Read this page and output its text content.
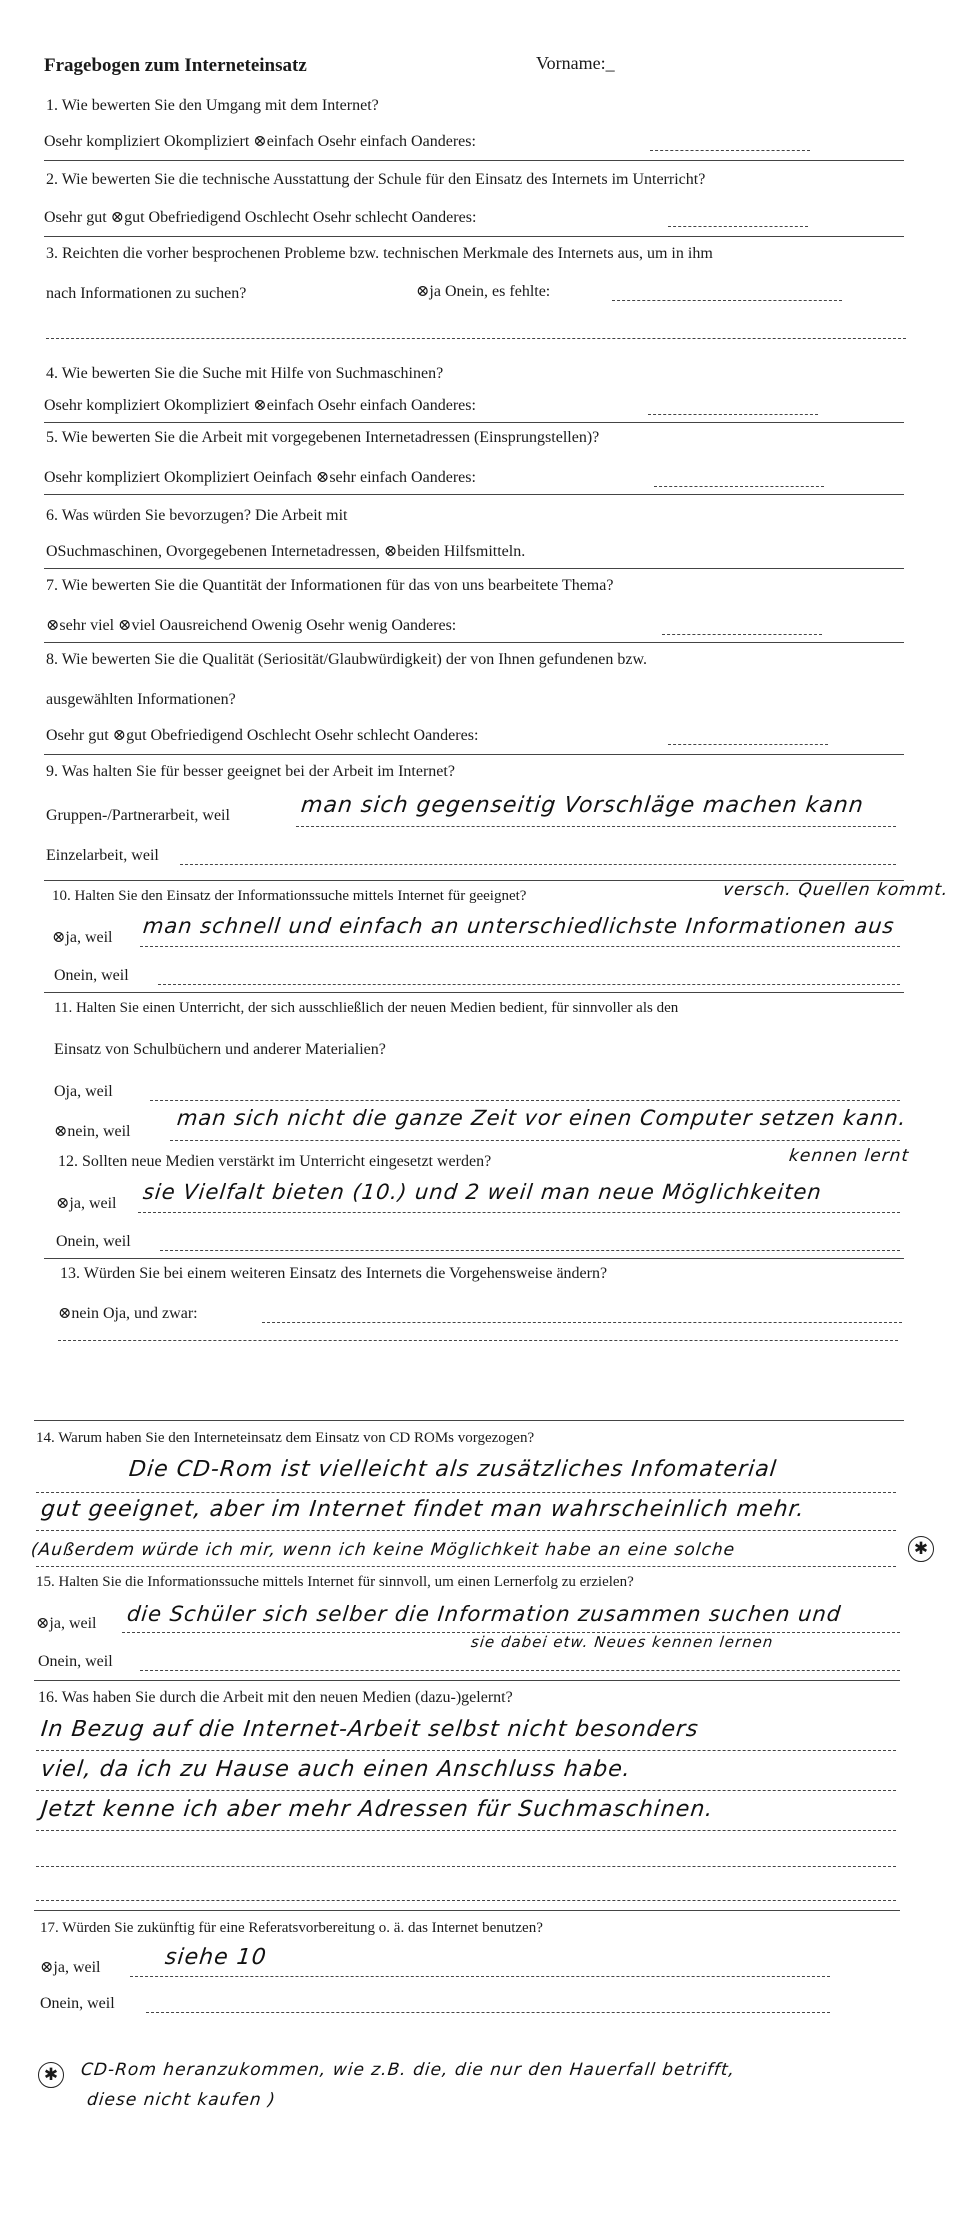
Fragebogen zum Interneteinsatz	Vorname:_
1. Wie bewerten Sie den Umgang mit dem Internet?
Osehr kompliziert Okompliziert ⊗einfach Osehr einfach Oanderes:
2. Wie bewerten Sie die technische Ausstattung der Schule für den Einsatz des Internets im Unterricht?
Osehr gut ⊗gut Obefriedigend Oschlecht Osehr schlecht Oanderes:
3. Reichten die vorher besprochenen Probleme bzw. technischen Merkmale des Internets aus, um in ihm
nach Informationen zu suchen?	⊗ja Onein, es fehlte:
4. Wie bewerten Sie die Suche mit Hilfe von Suchmaschinen?
Osehr kompliziert Okompliziert ⊗einfach Osehr einfach Oanderes:
5. Wie bewerten Sie die Arbeit mit vorgegebenen Internetadressen (Einsprungstellen)?
Osehr kompliziert Okompliziert Oeinfach ⊗sehr einfach Oanderes:
6. Was würden Sie bevorzugen? Die Arbeit mit
OSuchmaschinen, Ovorgegebenen Internetadressen, ⊗beiden Hilfsmitteln.
7. Wie bewerten Sie die Quantität der Informationen für das von uns bearbeitete Thema?
⊗sehr viel ⊗viel Oausreichend Owenig Osehr wenig Oanderes:
8. Wie bewerten Sie die Qualität (Seriosität/Glaubwürdigkeit) der von Ihnen gefundenen bzw.
ausgewählten Informationen?
Osehr gut ⊗gut Obefriedigend Oschlecht Osehr schlecht Oanderes:
9. Was halten Sie für besser geeignet bei der Arbeit im Internet?
Gruppen-/Partnerarbeit, weil	man sich gegenseitig Vorschläge machen kann
Einzelarbeit, weil
10. Halten Sie den Einsatz der Informationssuche mittels Internet für geeignet?	versch. Quellen kommt.
⊗ja, weil man schnell und einfach an unterschiedlichste Informationen aus
Onein, weil
11. Halten Sie einen Unterricht, der sich ausschließlich der neuen Medien bedient, für sinnvoller als den
Einsatz von Schulbüchern und anderer Materialien?
Oja, weil
⊗nein, weil
man sich nicht die ganze Zeit vor einen Computer setzen kann.
12. Sollten neue Medien verstärkt im Unterricht eingesetzt werden?	kennen lernt
⊗ja, weil sie Vielfalt bieten (10.) und 2 weil man neue Möglichkeiten
Onein, weil
13. Würden Sie bei einem weiteren Einsatz des Internets die Vorgehensweise ändern?
⊗nein Oja, und zwar:
14. Warum haben Sie den Interneteinsatz dem Einsatz von CD ROMs vorgezogen?
Die CD-Rom ist vielleicht als zusätzliches Infomaterial
gut geeignet, aber im Internet findet man wahrscheinlich mehr.
(Außerdem würde ich mir, wenn ich keine Möglichkeit habe an eine solche	✱
15. Halten Sie die Informationssuche mittels Internet für sinnvoll, um einen Lernerfolg zu erzielen?
⊗ja, weil die Schüler sich selber die Information zusammen suchen und
sie dabei etw. Neues kennen lernen
Onein, weil
16. Was haben Sie durch die Arbeit mit den neuen Medien (dazu-)gelernt?
In Bezug auf die Internet-Arbeit selbst nicht besonders
viel, da ich zu Hause auch einen Anschluss habe.
Jetzt kenne ich aber mehr Adressen für Suchmaschinen.
17. Würden Sie zukünftig für eine Referatsvorbereitung o. ä. das Internet benutzen?
⊗ja, weil	siehe 10
Onein, weil
✱	CD-Rom heranzukommen, wie z.B. die, die nur den Hauerfall betrifft,
diese nicht kaufen )
